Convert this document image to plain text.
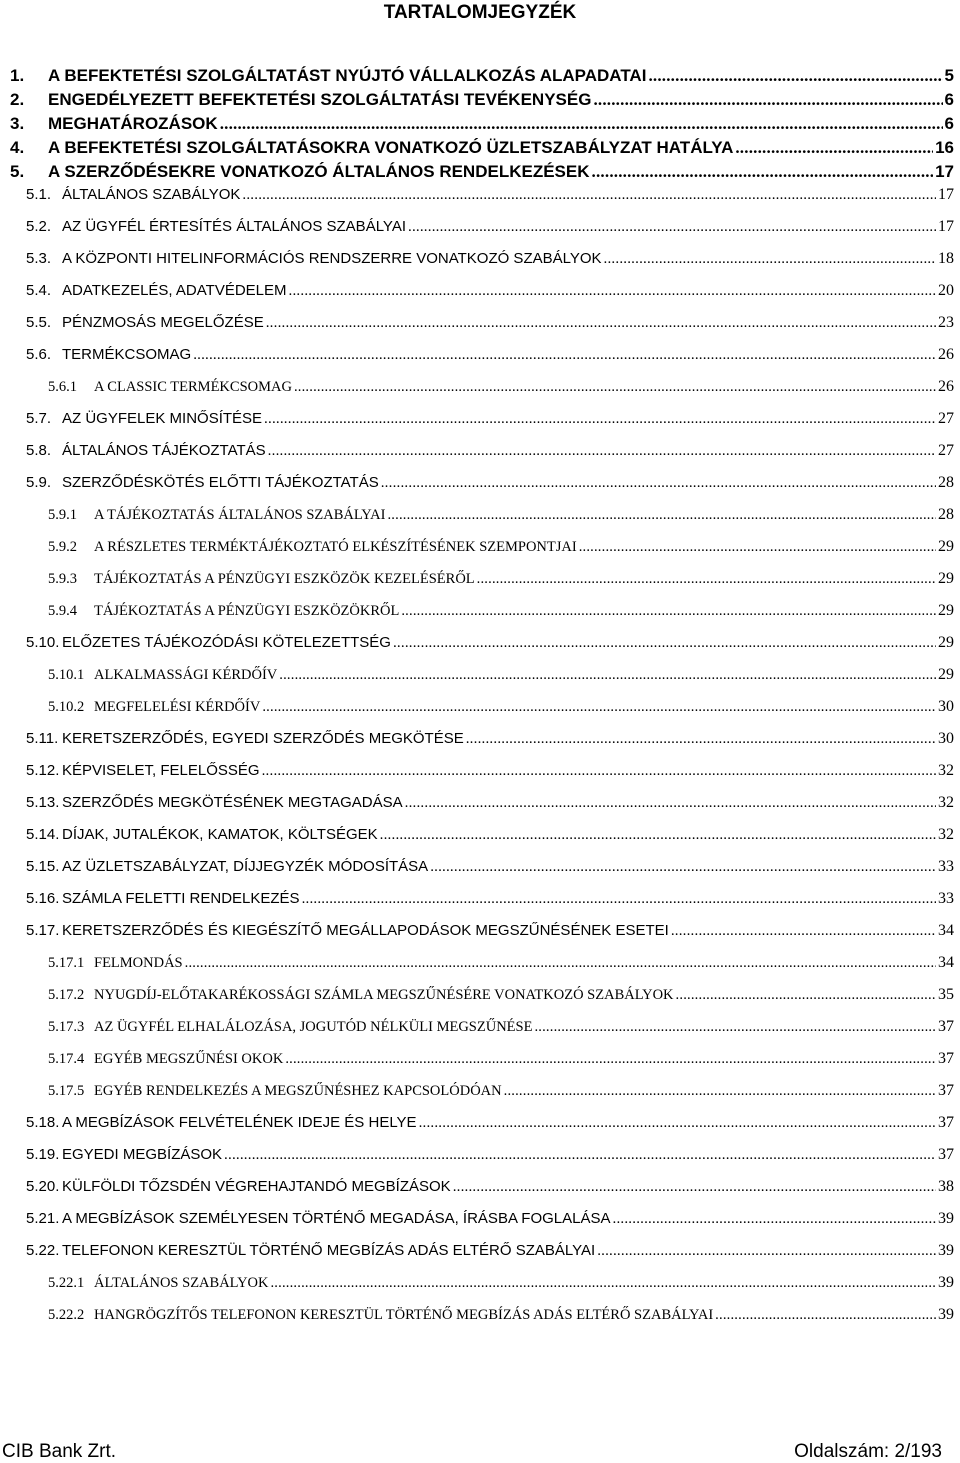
TARTALOMJEGYZÉK
1.	A BEFEKTETÉSI SZOLGÁLTATÁST NYÚJTÓ VÁLLALKOZÁS ALAPADATAI .....	5
2.	ENGEDÉLYEZETT BEFEKTETÉSI SZOLGÁLTATÁSI TEVÉKENYSÉG .....	6
3.	MEGHATÁROZÁSOK .....	6
4.	A BEFEKTETÉSI SZOLGÁLTATÁSOKRA VONATKOZÓ ÜZLETSZABÁLYZAT HATÁLYA .....	16
5.	A SZERZŐDÉSEKRE VONATKOZÓ ÁLTALÁNOS RENDELKEZÉSEK .....	17
5.1. ÁLTALÁNOS SZABÁLYOK .....	17
5.2. AZ ÜGYFÉL ÉRTESÍTÉS ÁLTALÁNOS SZABÁLYAI .....	17
5.3. A KÖZPONTI HITELINFORMÁCIÓS RENDSZERRE VONATKOZÓ SZABÁLYOK .....	18
5.4. ADATKEZELÉS, ADATVÉDELEM .....	20
5.5. PÉNZMOSÁS MEGELŐZÉSE .....	23
5.6. TERMÉKCSOMAG .....	26
5.6.1	A CLASSIC TERMÉKCSOMAG .....	26
5.7. AZ ÜGYFELEK MINŐSÍTÉSE .....	27
5.8. ÁLTALÁNOS TÁJÉKOZTATÁS .....	27
5.9. SZERZŐDÉSKÖTÉS ELŐTTI TÁJÉKOZTATÁS .....	28
5.9.1	A TÁJÉKOZTATÁS ÁLTALÁNOS SZABÁLYAI .....	28
5.9.2	A RÉSZLETES TERMÉKTÁJÉKOZTATÓ ELKÉSZÍTÉSÉNEK SZEMPONTJAI .....	29
5.9.3	TÁJÉKOZTATÁS A PÉNZÜGYI ESZKÖZÖK KEZELÉSÉRŐL .....	29
5.9.4	TÁJÉKOZTATÁS A PÉNZÜGYI ESZKÖZÖKRŐL .....	29
5.10. ELŐZETES TÁJÉKOZÓDÁSI KÖTELEZETTSÉG .....	29
5.10.1 ALKALMASSÁGI KÉRDŐÍV .....	29
5.10.2 MEGFELELÉSI KÉRDŐÍV .....	30
5.11. KERETSZERZŐDÉS, EGYEDI SZERZŐDÉS MEGKÖTÉSE .....	30
5.12. KÉPVISELET, FELELŐSSÉG .....	32
5.13. SZERZŐDÉS MEGKÖTÉSÉNEK MEGTAGADÁSA .....	32
5.14. DÍJAK, JUTALÉKOK, KAMATOK, KÖLTSÉGEK .....	32
5.15. AZ ÜZLETSZABÁLYZAT, DÍJJEGYZÉK MÓDOSÍTÁSA .....	33
5.16. SZÁMLA FELETTI RENDELKEZÉS .....	33
5.17. KERETSZERZŐDÉS ÉS KIEGÉSZÍTŐ MEGÁLLAPODÁSOK MEGSZŰNÉSÉNEK ESETEI .....	34
5.17.1 FELMONDÁS .....	34
5.17.2 NYUGDÍJ-ELŐTAKARÉKOSSÁGI SZÁMLA MEGSZŰNÉSÉRE VONATKOZÓ SZABÁLYOK .....	35
5.17.3 AZ ÜGYFÉL ELHALÁLOZÁSA, JOGUTÓD NÉLKÜLI MEGSZŰNÉSE .....	37
5.17.4 EGYÉB MEGSZŰNÉSI OKOK .....	37
5.17.5 EGYÉB RENDELKEZÉS A MEGSZŰNÉSHEZ KAPCSOLÓDÓAN .....	37
5.18. A MEGBÍZÁSOK FELVÉTELÉNEK IDEJE ÉS HELYE .....	37
5.19. EGYEDI MEGBÍZÁSOK .....	37
5.20. KÜLFÖLDI TŐZSDÉN VÉGREHAJTANDÓ MEGBÍZÁSOK .....	38
5.21. A MEGBÍZÁSOK SZEMÉLYESEN TÖRTÉNŐ MEGADÁSA, ÍRÁSBA FOGLALÁSA .....	39
5.22. TELEFONON KERESZTÜL TÖRTÉNŐ MEGBÍZÁS ADÁS ELTÉRŐ SZABÁLYAI .....	39
5.22.1 ÁLTALÁNOS SZABÁLYOK .....	39
5.22.2 HANGRÖGZÍTŐS TELEFONON KERESZTÜL TÖRTÉNŐ MEGBÍZÁS ADÁS ELTÉRŐ SZABÁLYAI .....	39
CIB Bank Zrt.	Oldalszám: 2/193
